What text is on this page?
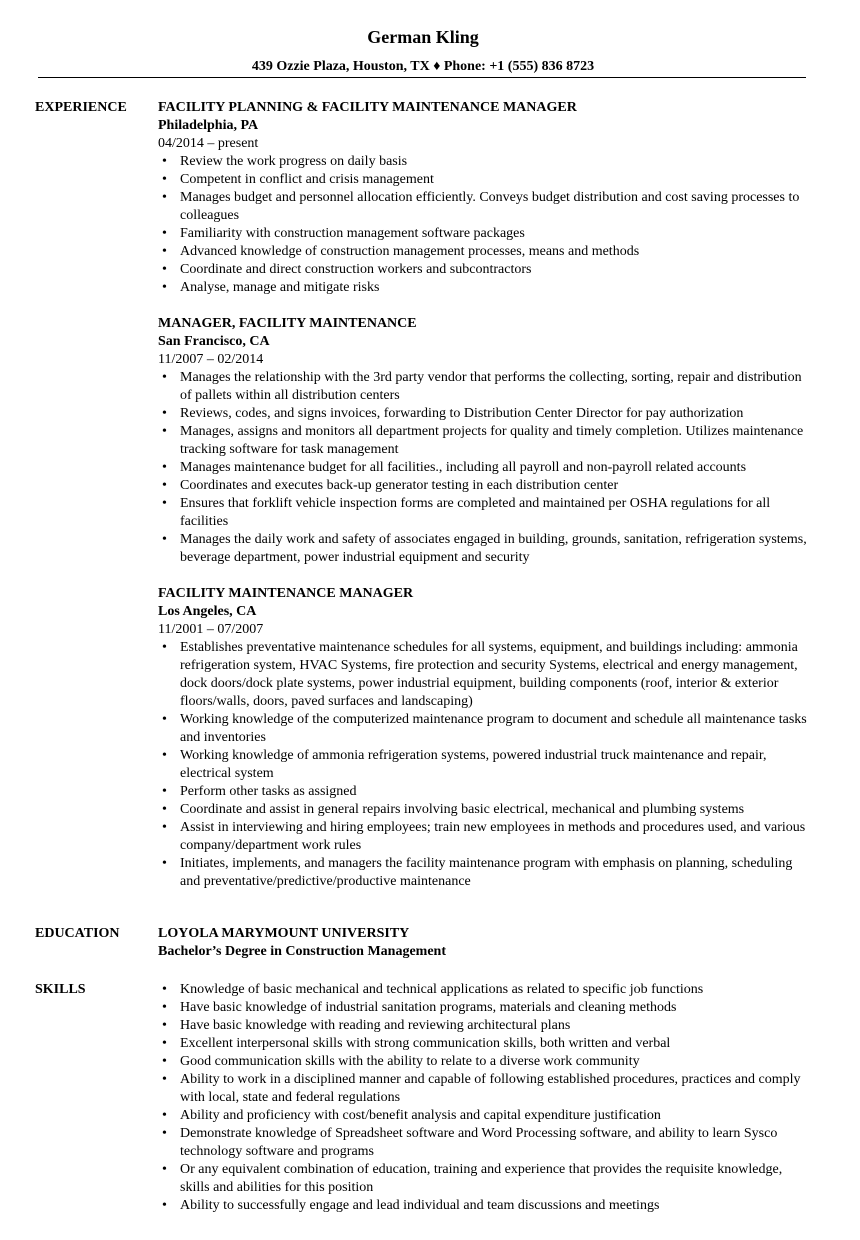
German Kling
439 Ozzie Plaza, Houston, TX ♦ Phone: +1 (555) 836 8723
EXPERIENCE FACILITY PLANNING & FACILITY MAINTENANCE MANAGER
Philadelphia, PA
04/2014 – present
• Review the work progress on daily basis
• Competent in conflict and crisis management
• Manages budget and personnel allocation efficiently. Conveys budget distribution and cost saving processes to colleagues
• Familiarity with construction management software packages
• Advanced knowledge of construction management processes, means and methods
• Coordinate and direct construction workers and subcontractors
• Analyse, manage and mitigate risks
MANAGER, FACILITY MAINTENANCE
San Francisco, CA
11/2007 – 02/2014
• Manages the relationship with the 3rd party vendor that performs the collecting, sorting, repair and distribution of pallets within all distribution centers
• Reviews, codes, and signs invoices, forwarding to Distribution Center Director for pay authorization
• Manages, assigns and monitors all department projects for quality and timely completion. Utilizes maintenance tracking software for task management
• Manages maintenance budget for all facilities., including all payroll and non-payroll related accounts
• Coordinates and executes back-up generator testing in each distribution center
• Ensures that forklift vehicle inspection forms are completed and maintained per OSHA regulations for all facilities
• Manages the daily work and safety of associates engaged in building, grounds, sanitation, refrigeration systems, beverage department, power industrial equipment and security
FACILITY MAINTENANCE MANAGER
Los Angeles, CA
11/2001 – 07/2007
• Establishes preventative maintenance schedules for all systems, equipment, and buildings including: ammonia refrigeration system, HVAC Systems, fire protection and security Systems, electrical and energy management, dock doors/dock plate systems, power industrial equipment, building components (roof, interior & exterior floors/walls, doors, paved surfaces and landscaping)
• Working knowledge of the computerized maintenance program to document and schedule all maintenance tasks and inventories
• Working knowledge of ammonia refrigeration systems, powered industrial truck maintenance and repair, electrical system
• Perform other tasks as assigned
• Coordinate and assist in general repairs involving basic electrical, mechanical and plumbing systems
• Assist in interviewing and hiring employees; train new employees in methods and procedures used, and various company/department work rules
• Initiates, implements, and managers the facility maintenance program with emphasis on planning, scheduling and preventative/predictive/productive maintenance
EDUCATION	LOYOLA MARYMOUNT UNIVERSITY
Bachelor’s Degree in Construction Management
SKILLS	• Knowledge of basic mechanical and technical applications as related to specific job functions
• Have basic knowledge of industrial sanitation programs, materials and cleaning methods
• Have basic knowledge with reading and reviewing architectural plans
• Excellent interpersonal skills with strong communication skills, both written and verbal
• Good communication skills with the ability to relate to a diverse work community
• Ability to work in a disciplined manner and capable of following established procedures, practices and comply with local, state and federal regulations
• Ability and proficiency with cost/benefit analysis and capital expenditure justification
• Demonstrate knowledge of Spreadsheet software and Word Processing software, and ability to learn Sysco technology software and programs
• Or any equivalent combination of education, training and experience that provides the requisite knowledge, skills and abilities for this position
• Ability to successfully engage and lead individual and team discussions and meetings
